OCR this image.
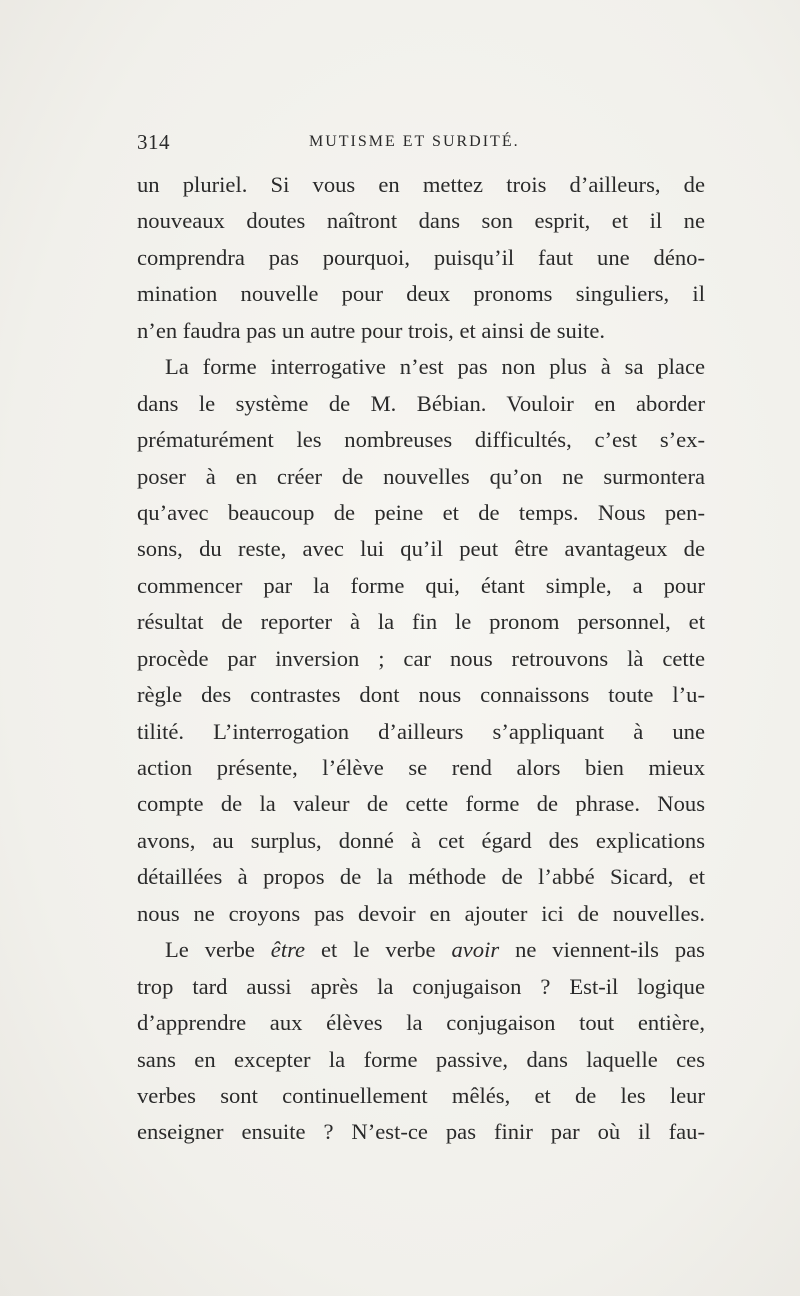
314	MUTISME ET SURDITÉ.
un pluriel. Si vous en mettez trois d’ailleurs, de
nouveaux doutes naîtront dans son esprit, et il ne
comprendra pas pourquoi, puisqu’il faut une déno-
mination nouvelle pour deux pronoms singuliers, il
n’en faudra pas un autre pour trois, et ainsi de suite.
La forme interrogative n’est pas non plus à sa place
dans le système de M. Bébian. Vouloir en aborder
prématurément les nombreuses difficultés, c’est s’ex-
poser à en créer de nouvelles qu’on ne surmontera
qu’avec beaucoup de peine et de temps. Nous pen-
sons, du reste, avec lui qu’il peut être avantageux de
commencer par la forme qui, étant simple, a pour
résultat de reporter à la fin le pronom personnel, et
procède par inversion ; car nous retrouvons là cette
règle des contrastes dont nous connaissons toute l’u-
tilité. L’interrogation d’ailleurs s’appliquant à une
action présente, l’élève se rend alors bien mieux
compte de la valeur de cette forme de phrase. Nous
avons, au surplus, donné à cet égard des explications
détaillées à propos de la méthode de l’abbé Sicard, et
nous ne croyons pas devoir en ajouter ici de nouvelles.
Le verbe être et le verbe avoir ne viennent-ils pas
trop tard aussi après la conjugaison ? Est-il logique
d’apprendre aux élèves la conjugaison tout entière,
sans en excepter la forme passive, dans laquelle ces
verbes sont continuellement mêlés, et de les leur
enseigner ensuite ? N’est-ce pas finir par où il fau-
